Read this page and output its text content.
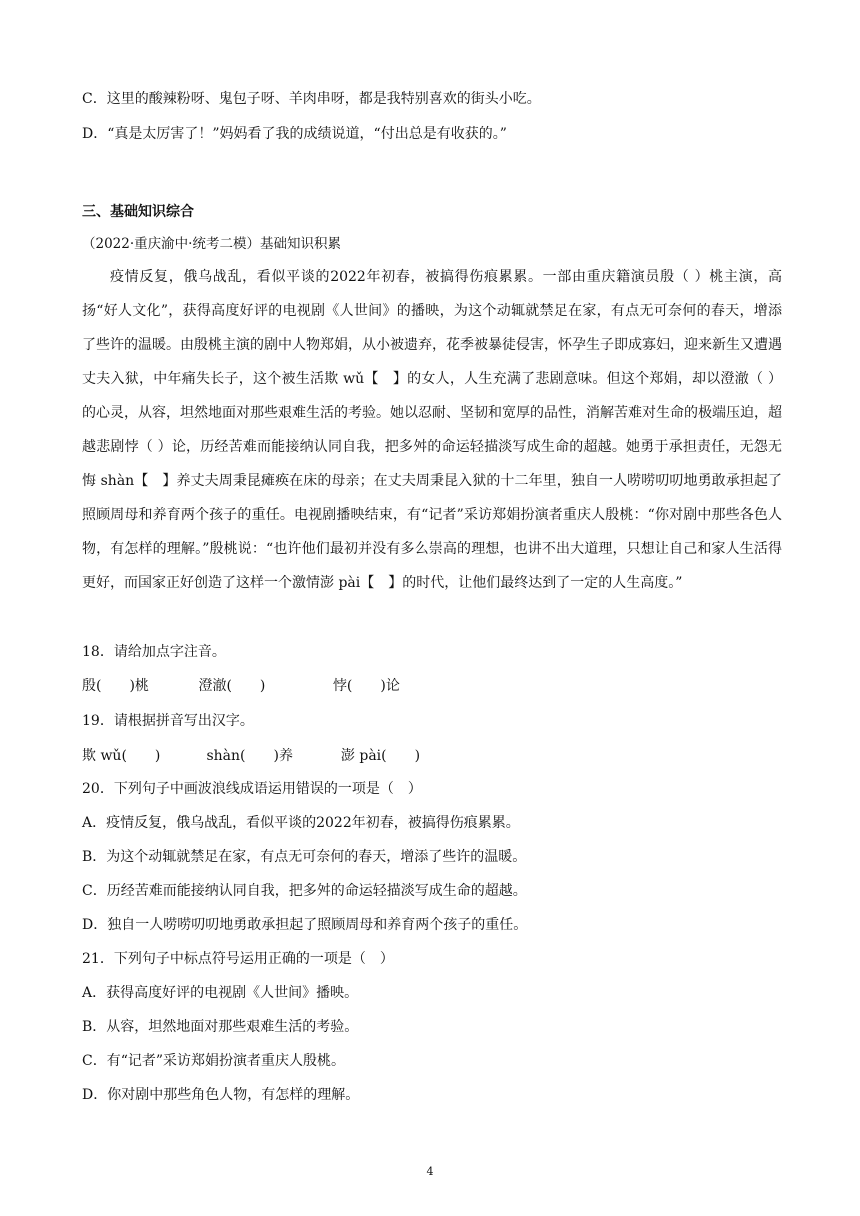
C．这里的酸辣粉呀、鬼包子呀、羊肉串呀，都是我特别喜欢的街头小吃。
D．“真是太厉害了！”妈妈看了我的成绩说道，“付出总是有收获的。”
三、基础知识综合
（2022·重庆渝中·统考二模）基础知识积累

疫情反复，俄乌战乱，看似平谈的2022年初春，被搞得伤痕累累。一部由重庆籍演员殷（ ）桃主演，高扬“好人文化”，获得高度好评的电视剧《人世间》的播映，为这个动辄就禁足在家，有点无可奈何的春天，增添了些许的温暖。由殷桃主演的剧中人物郑娟，从小被遗弃，花季被暴徒侵害，怀孕生子即成寡妇，迎来新生又遭遇丈夫入狱，中年痛失长子，这个被生活欺 wǔ【　】的女人，人生充满了悲剧意味。但这个郑娟，却以澄澈（ ）的心灵，从容，坦然地面对那些艰难生活的考验。她以忍耐、坚韧和宽厚的品性，消解苦难对生命的极端压迫，超越悲剧悖（ ）论，历经苦难而能接纳认同自我，把多舛的命运轻描淡写成生命的超越。她勇于承担责任，无怨无悔 shàn【　】养丈夫周秉昆瘫痪在床的母亲；在丈夫周秉昆入狱的十二年里，独自一人唠唠叨叨地勇敢承担起了照顾周母和养育两个孩子的重任。电视剧播映结束，有“记者”采访郑娟扮演者重庆人殷桃：“你对剧中那些各色人物，有怎样的理解。”殷桃说：“也许他们最初并没有多么崇高的理想，也讲不出大道理，只想让自己和家人生活得更好，而国家正好创造了这样一个激情澎 pài【　】的时代，让他们最终达到了一定的人生高度。”

18．请给加点字注音。
殷(　　)桃	澄澈(　　)	悖(　　)论
19．请根据拼音写出汉字。
欺 wǔ(　　)	shàn(　　)养	澎 pài(　　)
20．下列句子中画波浪线成语运用错误的一项是（　）
A．疫情反复，俄乌战乱，看似平谈的2022年初春，被搞得伤痕累累。
B．为这个动辄就禁足在家，有点无可奈何的春天，增添了些许的温暖。
C．历经苦难而能接纳认同自我，把多舛的命运轻描淡写成生命的超越。
D．独自一人唠唠叨叨地勇敢承担起了照顾周母和养育两个孩子的重任。
21．下列句子中标点符号运用正确的一项是（　）
A．获得高度好评的电视剧《人世间》播映。
B．从容，坦然地面对那些艰难生活的考验。
C．有“记者”采访郑娟扮演者重庆人殷桃。
D．你对剧中那些角色人物，有怎样的理解。
4
